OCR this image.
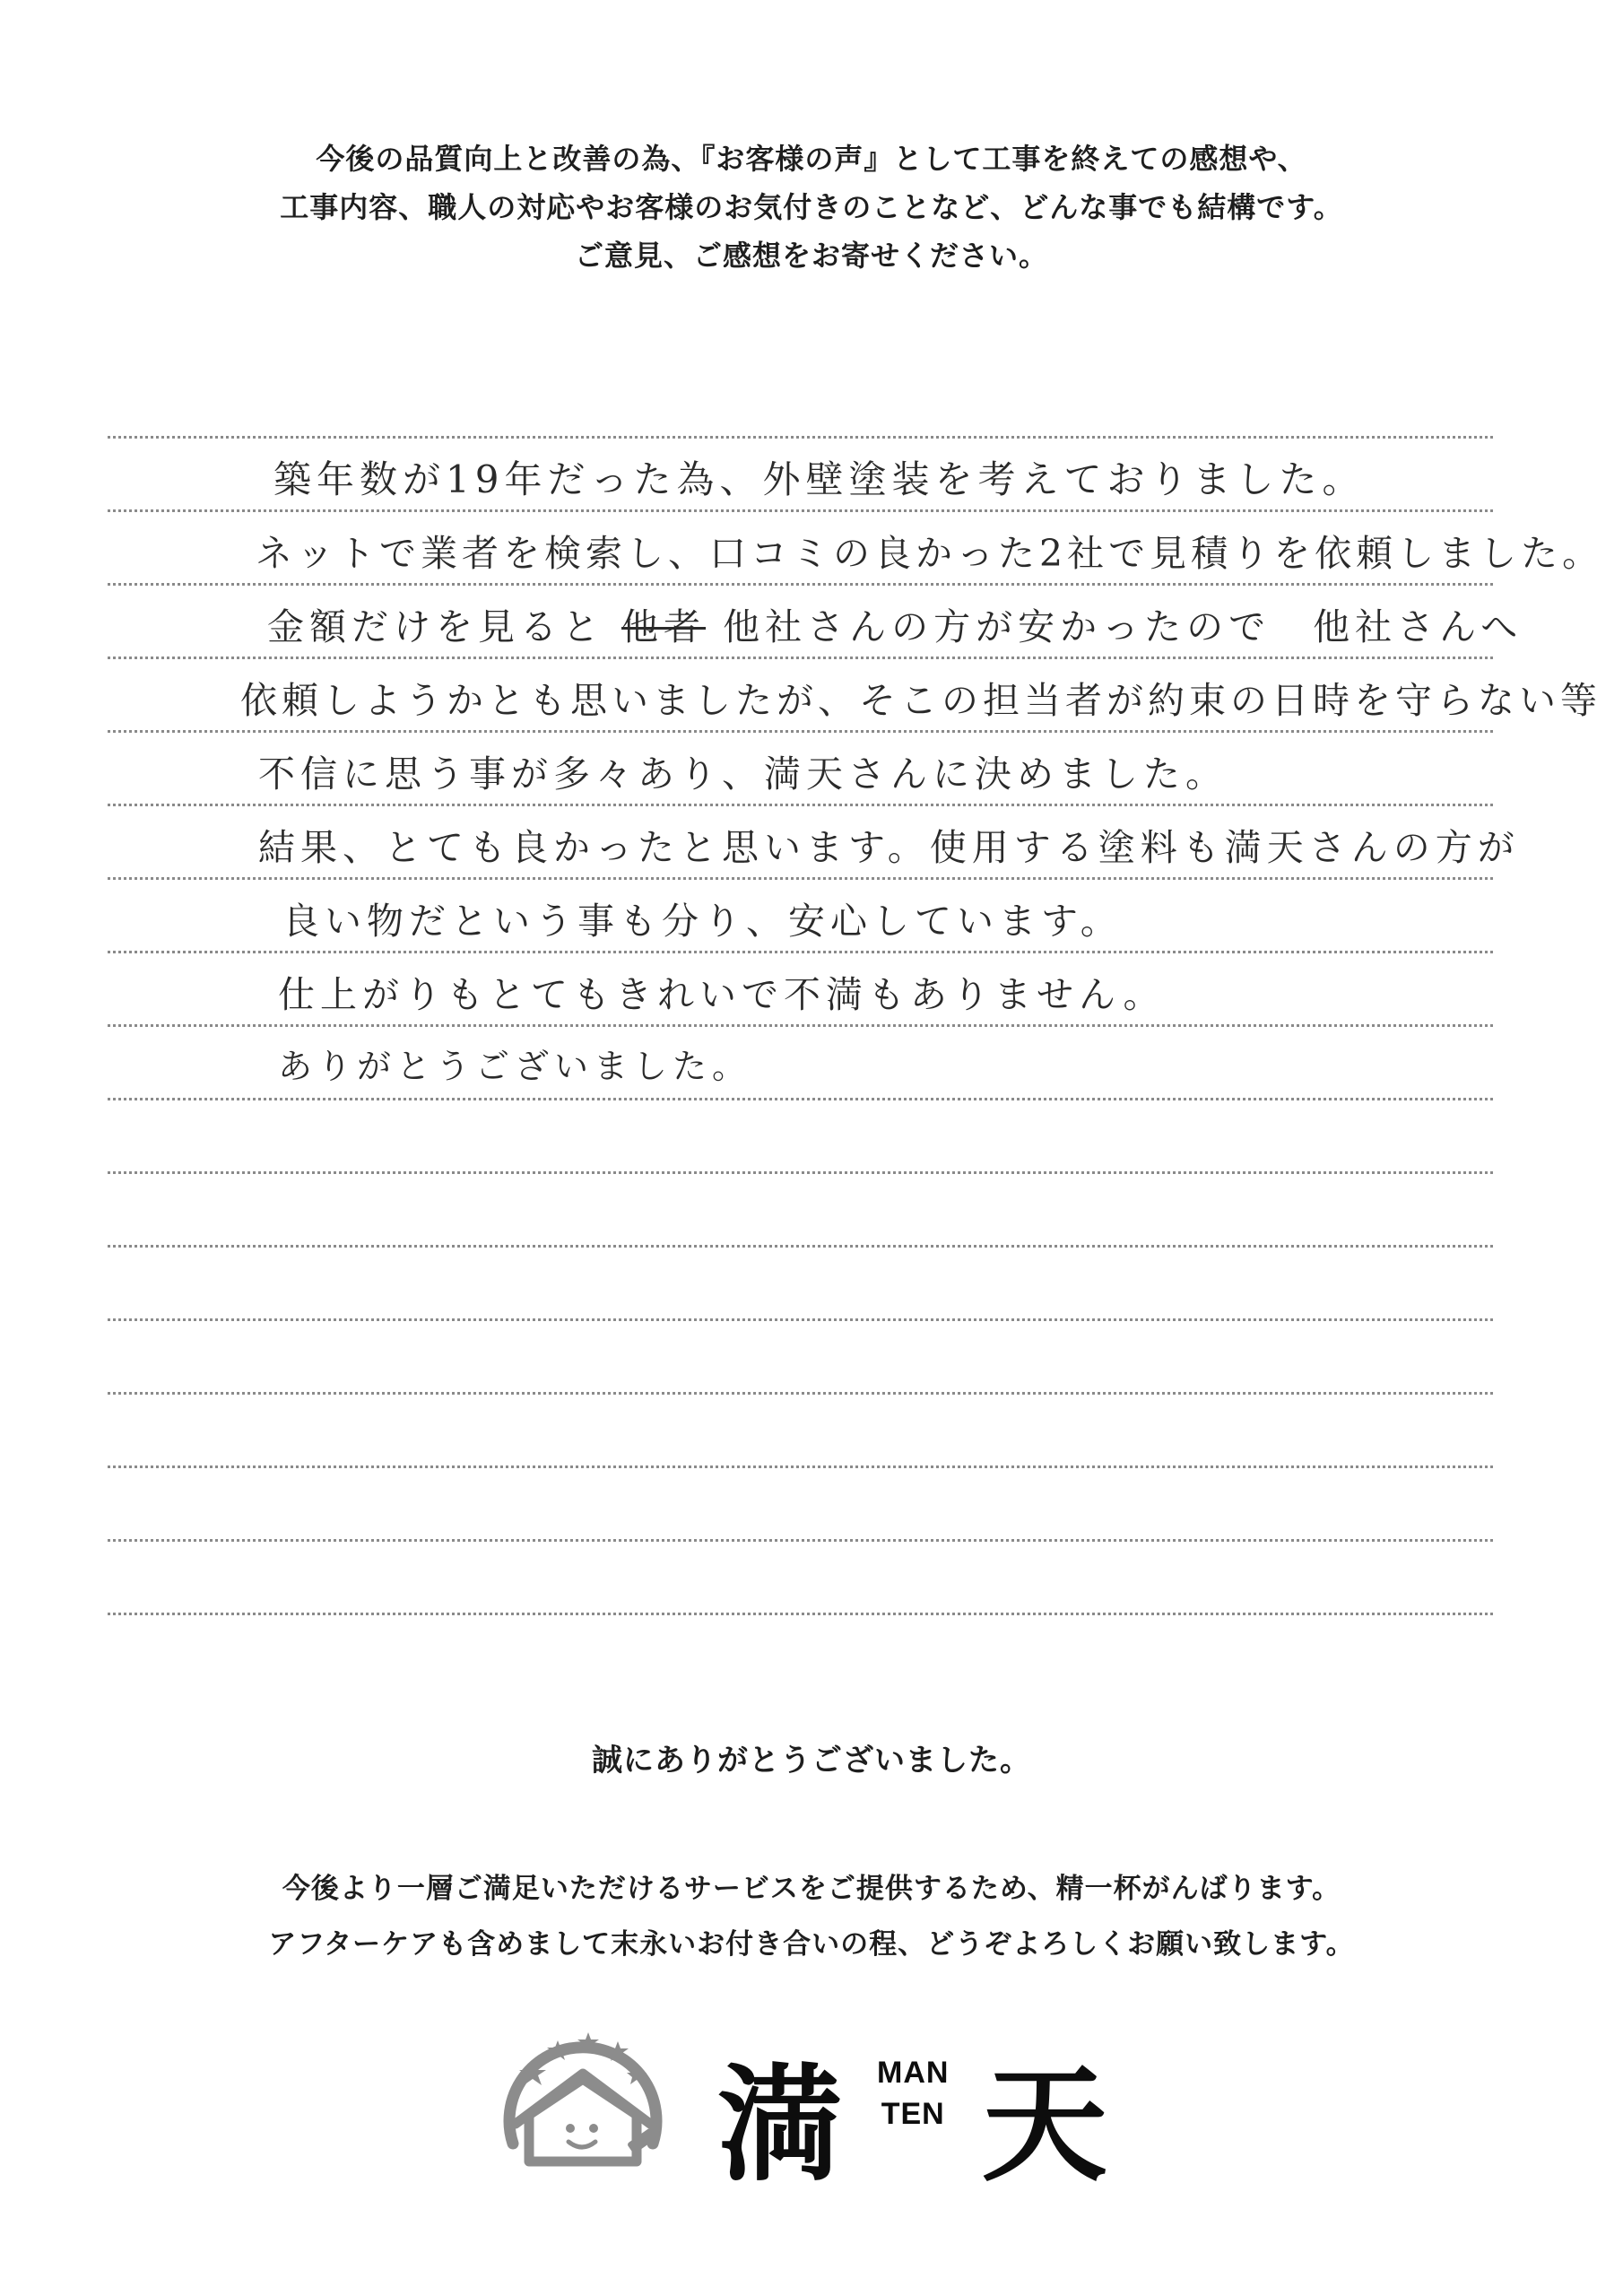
今後の品質向上と改善の為、『お客様の声』として工事を終えての感想や、
工事内容、職人の対応やお客様のお気付きのことなど、どんな事でも結構です。
ご意見、ご感想をお寄せください。
築年数が19年だった為、外壁塗装を考えておりました。
ネットで業者を検索し、口コミの良かった2社で見積りを依頼しました。
金額だけを見ると 他者 他社さんの方が安かったので　他社さんへ
依頼しようかとも思いましたが、そこの担当者が約束の日時を守らない等
不信に思う事が多々あり、満天さんに決めました。
結果、とても良かったと思います。使用する塗料も満天さんの方が
良い物だという事も分り、安心しています。
仕上がりもとてもきれいで不満もありません。
ありがとうございました。
誠にありがとうございました。
今後より一層ご満足いただけるサービスをご提供するため、精一杯がんばります。
アフターケアも含めまして末永いお付き合いの程、どうぞよろしくお願い致します。
満 MAN
TEN 天
